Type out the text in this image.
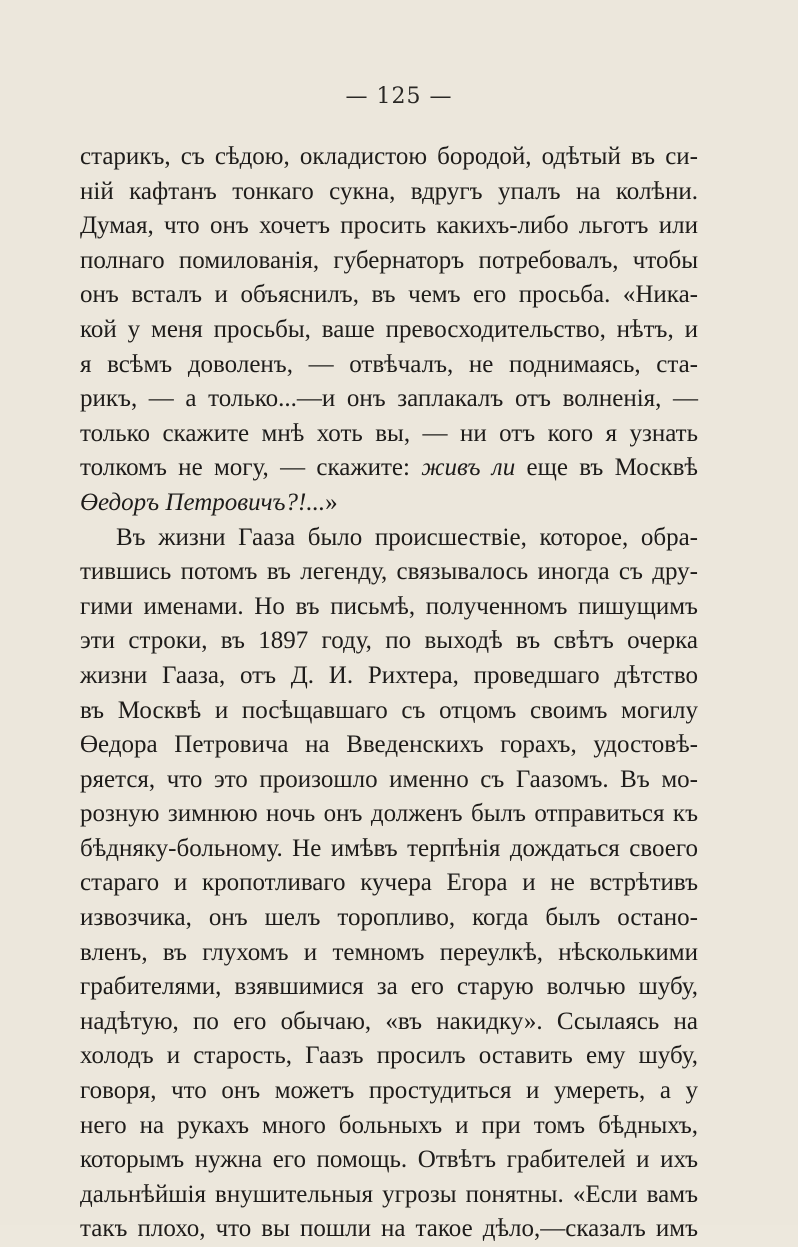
— 125 —
старикъ, съ сѣдою, окладистою бородой, одѣтый въ си-
ній кафтанъ тонкаго сукна, вдругъ упалъ на колѣни.
Думая, что онъ хочетъ просить какихъ-либо льготъ или
полнаго помилованія, губернаторъ потребовалъ, чтобы
онъ всталъ и объяснилъ, въ чемъ его просьба. «Ника-
кой у меня просьбы, ваше превосходительство, нѣтъ, и
я всѣмъ доволенъ, — отвѣчалъ, не поднимаясь, ста-
рикъ, — а только...—и онъ заплакалъ отъ волненія, —
только скажите мнѣ хоть вы, — ни отъ кого я узнать
толкомъ не могу, — скажите: живъ ли еще въ Москвѣ
Өедоръ Петровичъ?!...»
Въ жизни Гааза было происшествіе, которое, обра-
тившись потомъ въ легенду, связывалось иногда съ дру-
гими именами. Но въ письмѣ, полученномъ пишущимъ
эти строки, въ 1897 году, по выходѣ въ свѣтъ очерка
жизни Гааза, отъ Д. И. Рихтера, проведшаго дѣтство
въ Москвѣ и посѣщавшаго съ отцомъ своимъ могилу
Өедора Петровича на Введенскихъ горахъ, удостовѣ-
ряется, что это произошло именно съ Гаазомъ. Въ мо-
розную зимнюю ночь онъ долженъ былъ отправиться къ
бѣдняку-больному. Не имѣвъ терпѣнія дождаться своего
стараго и кропотливаго кучера Егора и не встрѣтивъ
извозчика, онъ шелъ торопливо, когда былъ остано-
вленъ, въ глухомъ и темномъ переулкѣ, нѣсколькими
грабителями, взявшимися за его старую волчью шубу,
надѣтую, по его обычаю, «въ накидку». Ссылаясь на
холодъ и старость, Гаазъ просилъ оставить ему шубу,
говоря, что онъ можетъ простудиться и умереть, а у
него на рукахъ много больныхъ и при томъ бѣдныхъ,
которымъ нужна его помощь. Отвѣтъ грабителей и ихъ
дальнѣйшія внушительныя угрозы понятны. «Если вамъ
такъ плохо, что вы пошли на такое дѣло,—сказалъ имъ
